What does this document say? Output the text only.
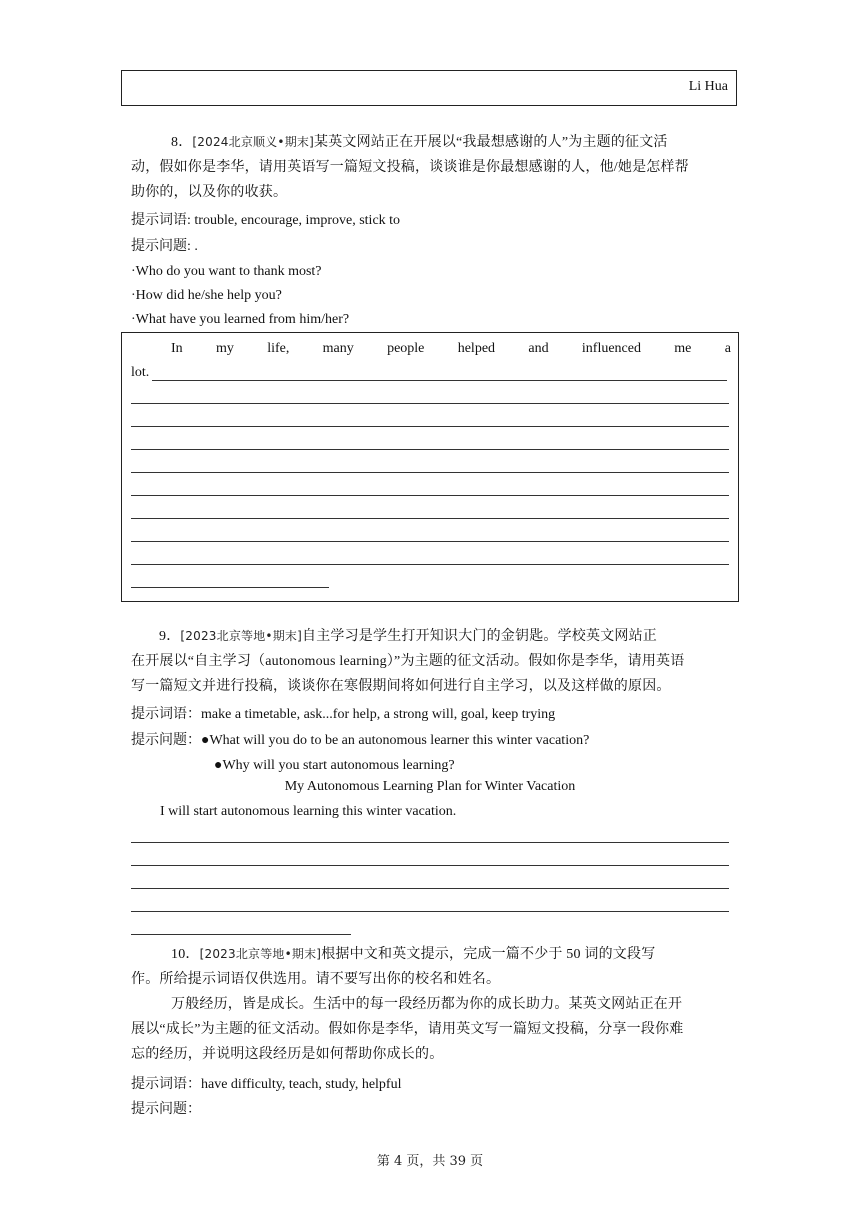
Li Hua
8．[2024北京顺义•期末]某英文网站正在开展以“我最想感谢的人”为主题的征文活
动，假如你是李华，请用英语写一篇短文投稿，谈谈谁是你最想感谢的人，他/她是怎样帮
助你的，以及你的收获。
提示词语: trouble, encourage, improve, stick to
提示问题: .
·Who do you want to thank most?
·How did he/she help you?
·What have you learned from him/her?
In my life, many people helped and influenced me a
lot.
9．[2023北京等地•期末]自主学习是学生打开知识大门的金钥匙。学校英文网站正
在开展以“自主学习（autonomous learning）”为主题的征文活动。假如你是李华，请用英语
写一篇短文并进行投稿，谈谈你在寒假期间将如何进行自主学习，以及这样做的原因。
提示词语：make a timetable, ask...for help, a strong will, goal, keep trying
提示问题：●What will you do to be an autonomous learner this winter vacation?
●Why will you start autonomous learning?
My Autonomous Learning Plan for Winter Vacation
I will start autonomous learning this winter vacation.
10．[2023北京等地•期末]根据中文和英文提示，完成一篇不少于 50 词的文段写
作。所给提示词语仅供选用。请不要写出你的校名和姓名。
万般经历，皆是成长。生活中的每一段经历都为你的成长助力。某英文网站正在开
展以“成长”为主题的征文活动。假如你是李华，请用英文写一篇短文投稿，分享一段你难
忘的经历，并说明这段经历是如何帮助你成长的。
提示词语：have difficulty, teach, study, helpful
提示问题：
第 4 页，共 39 页
